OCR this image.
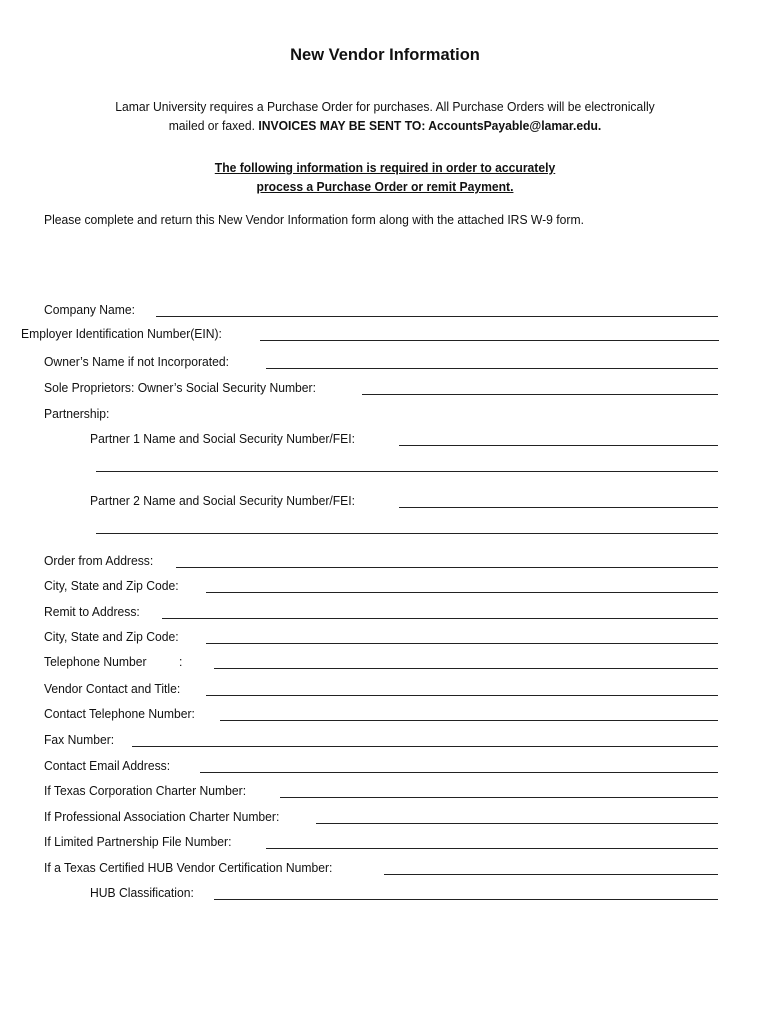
New Vendor Information
Lamar University requires a Purchase Order for purchases. All Purchase Orders will be electronically
mailed or faxed. INVOICES MAY BE SENT TO: AccountsPayable@lamar.edu.
The following information is required in order to accurately
process a Purchase Order or remit Payment.
Please complete and return this New Vendor Information form along with the attached IRS W-9 form.
Company Name:
Employer Identification Number(EIN):
Owner’s Name if not Incorporated:
Sole Proprietors: Owner’s Social Security Number:
Partnership:
Partner 1 Name and Social Security Number/FEI:
Partner 2 Name and Social Security Number/FEI:
Order from Address:
City, State and Zip Code:
Remit to Address:
City, State and Zip Code:
Telephone Number :
Vendor Contact and Title:
Contact Telephone Number:
Fax Number:
Contact Email Address:
If Texas Corporation Charter Number:
If Professional Association Charter Number:
If Limited Partnership File Number:
If a Texas Certified HUB Vendor Certification Number:
HUB Classification:
